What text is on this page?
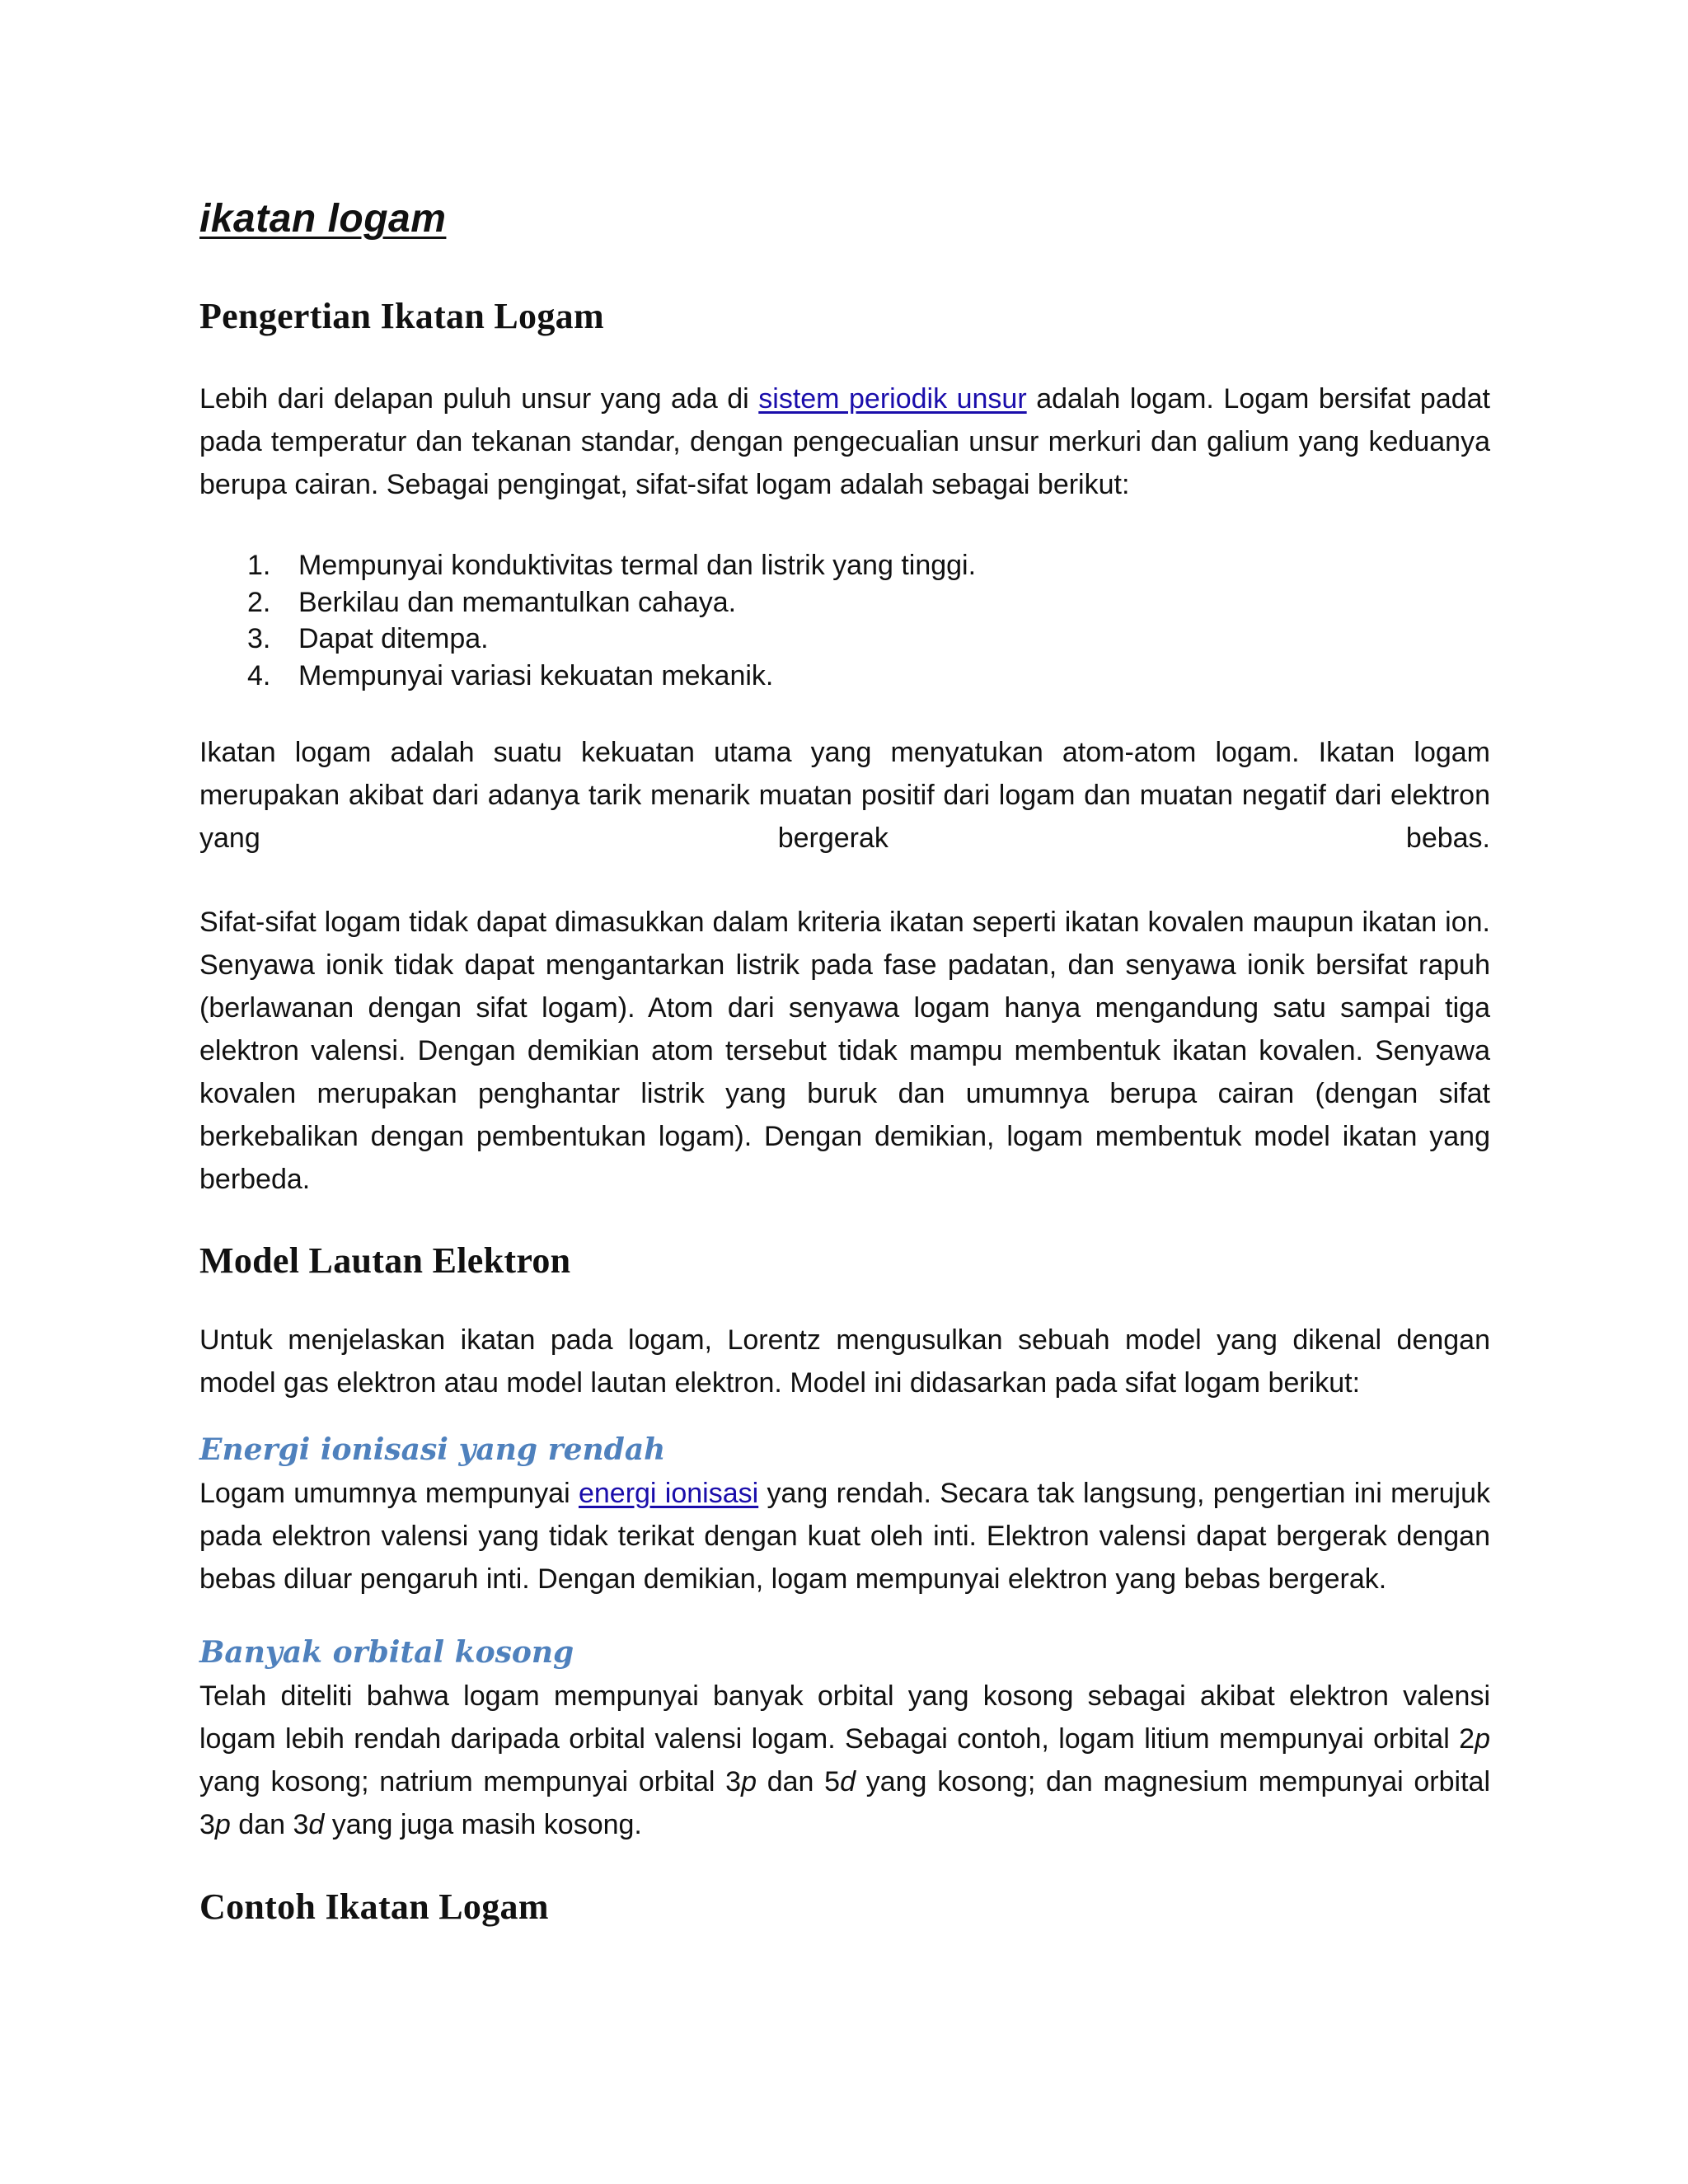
ikatan logam
Pengertian Ikatan Logam

Lebih dari delapan puluh unsur yang ada di sistem periodik unsur adalah logam. Logam bersifat padat pada temperatur dan tekanan standar, dengan pengecualian unsur merkuri dan galium yang keduanya berupa cairan. Sebagai pengingat, sifat-sifat logam adalah sebagai berikut:

1. Mempunyai konduktivitas termal dan listrik yang tinggi.
2. Berkilau dan memantulkan cahaya.
3. Dapat ditempa.
4. Mempunyai variasi kekuatan mekanik.

Ikatan logam adalah suatu kekuatan utama yang menyatukan atom-atom logam. Ikatan logam merupakan akibat dari adanya tarik menarik muatan positif dari logam dan muatan negatif dari elektron yang bergerak bebas.

Sifat-sifat logam tidak dapat dimasukkan dalam kriteria ikatan seperti ikatan kovalen maupun ikatan ion. Senyawa ionik tidak dapat mengantarkan listrik pada fase padatan, dan senyawa ionik bersifat rapuh (berlawanan dengan sifat logam). Atom dari senyawa logam hanya mengandung satu sampai tiga elektron valensi. Dengan demikian atom tersebut tidak mampu membentuk ikatan kovalen. Senyawa kovalen merupakan penghantar listrik yang buruk dan umumnya berupa cairan (dengan sifat berkebalikan dengan pembentukan logam). Dengan demikian, logam membentuk model ikatan yang berbeda.

Model Lautan Elektron

Untuk menjelaskan ikatan pada logam, Lorentz mengusulkan sebuah model yang dikenal dengan model gas elektron atau model lautan elektron. Model ini didasarkan pada sifat logam berikut:

Energi ionisasi yang rendah

Logam umumnya mempunyai energi ionisasi yang rendah. Secara tak langsung, pengertian ini merujuk pada elektron valensi yang tidak terikat dengan kuat oleh inti. Elektron valensi dapat bergerak dengan bebas diluar pengaruh inti. Dengan demikian, logam mempunyai elektron yang bebas bergerak.

Banyak orbital kosong

Telah diteliti bahwa logam mempunyai banyak orbital yang kosong sebagai akibat elektron valensi logam lebih rendah daripada orbital valensi logam. Sebagai contoh, logam litium mempunyai orbital 2p yang kosong; natrium mempunyai orbital 3p dan 5d yang kosong; dan magnesium mempunyai orbital 3p dan 3d yang juga masih kosong.

Contoh Ikatan Logam
